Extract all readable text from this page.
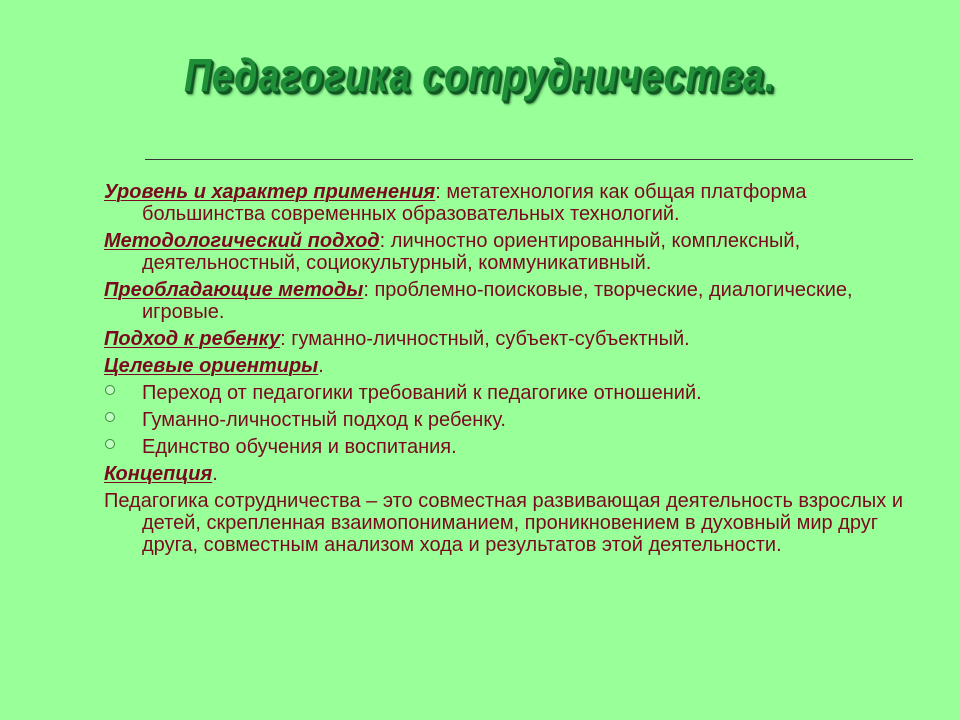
Педагогика сотрудничества.

Уровень и характер применения: метатехнология как общая платформа большинства современных образовательных технологий.

Методологический подход: личностно ориентированный, комплексный, деятельностный, социокультурный, коммуникативный.

Преобладающие методы: проблемно-поисковые, творческие, диалогические, игровые.

Подход к ребенку: гуманно-личностный, субъект-субъектный.

Целевые ориентиры.

Переход от педагогики требований к педагогике отношений.
Гуманно-личностный подход к ребенку.
Единство обучения и воспитания.

Концепция.

Педагогика сотрудничества – это совместная развивающая деятельность взрослых и детей, скрепленная взаимопониманием, проникновением в духовный мир друг друга, совместным анализом хода и результатов этой деятельности.
